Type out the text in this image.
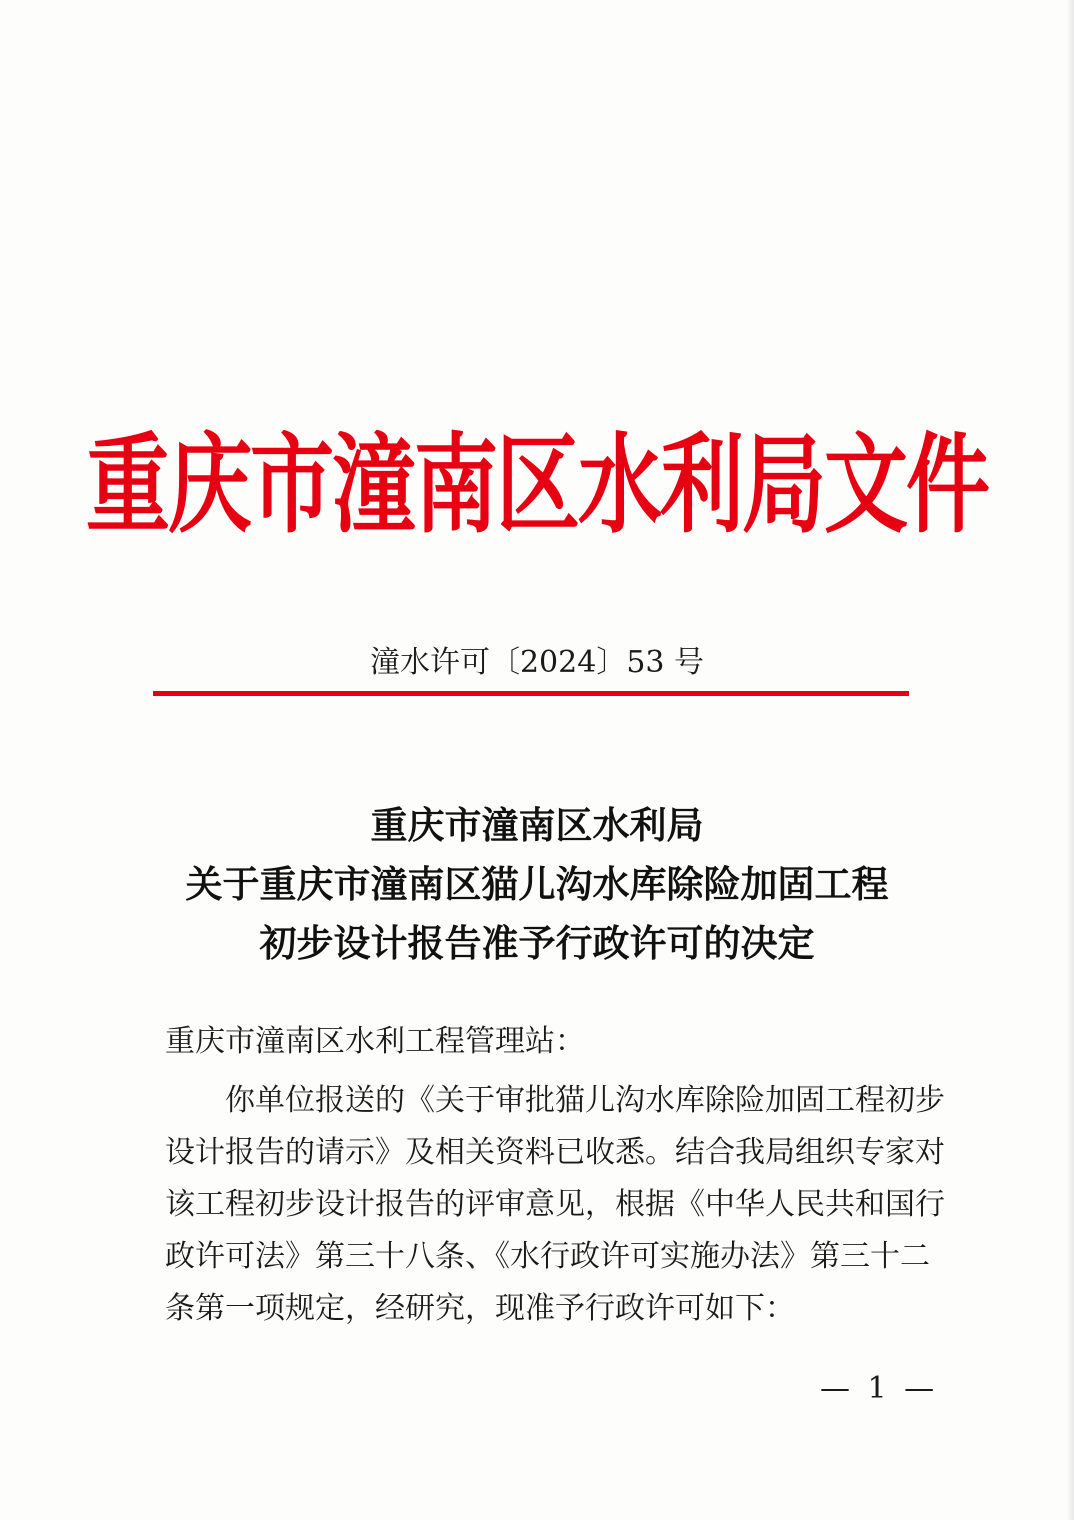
重庆市潼南区水利局文件
潼水许可〔2024〕53 号
重庆市潼南区水利局
关于重庆市潼南区猫儿沟水库除险加固工程
初步设计报告准予行政许可的决定
重庆市潼南区水利工程管理站：
你单位报送的《关于审批猫儿沟水库除险加固工程初步
设计报告的请示》及相关资料已收悉。结合我局组织专家对
该工程初步设计报告的评审意见，根据《中华人民共和国行
政许可法》第三十八条、《水行政许可实施办法》第三十二
条第一项规定，经研究，现准予行政许可如下：
— 1 —
